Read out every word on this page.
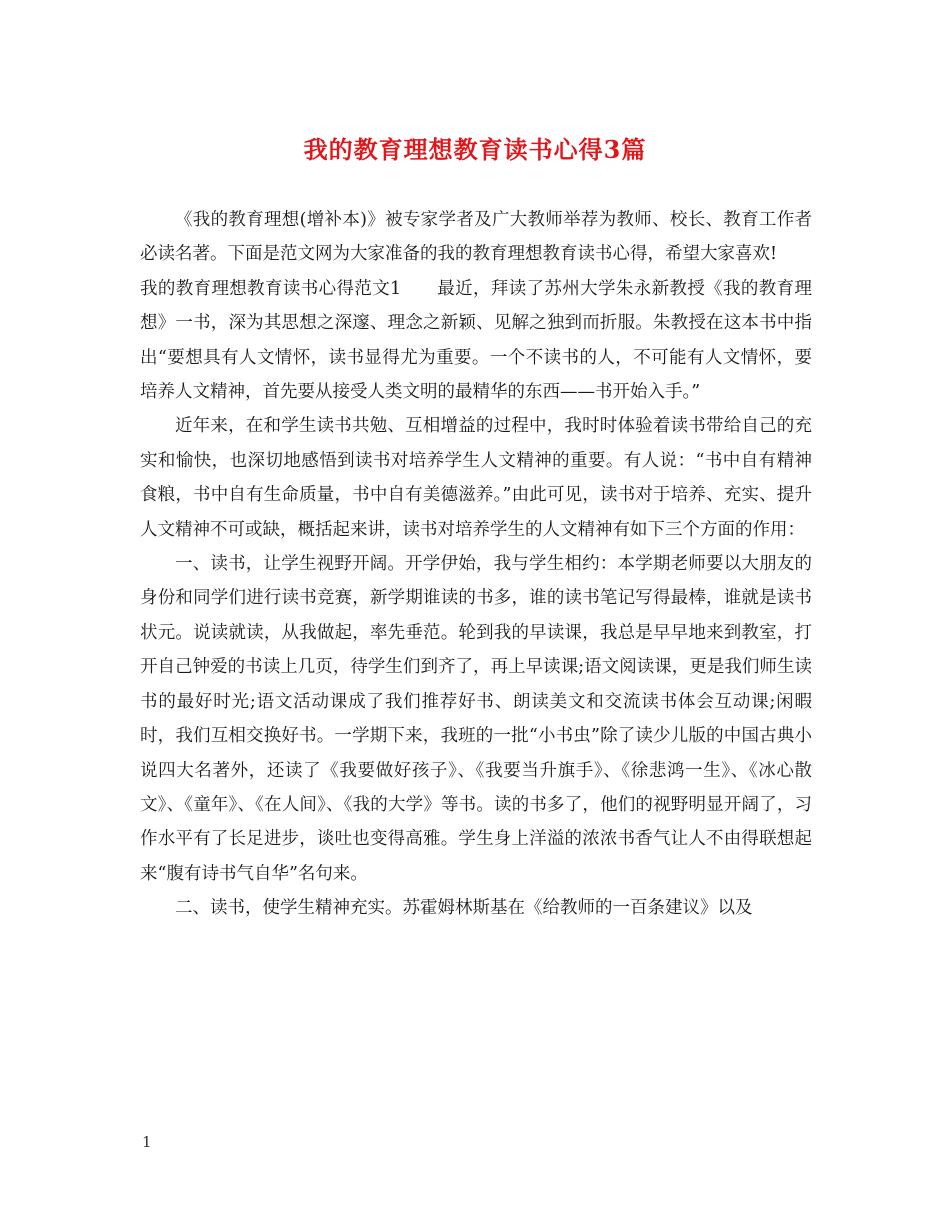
我的教育理想教育读书心得3篇

《我的教育理想(增补本)》被专家学者及广大教师举荐为教师、校长、教育工作者必读名著。下面是范文网为大家准备的我的教育理想教育读书心得，希望大家喜欢!

我的教育理想教育读书心得范文1　　最近，拜读了苏州大学朱永新教授《我的教育理想》一书，深为其思想之深邃、理念之新颖、见解之独到而折服。朱教授在这本书中指出“要想具有人文情怀，读书显得尤为重要。一个不读书的人，不可能有人文情怀，要培养人文精神，首先要从接受人类文明的最精华的东西——书开始入手。”

近年来，在和学生读书共勉、互相增益的过程中，我时时体验着读书带给自己的充实和愉快，也深切地感悟到读书对培养学生人文精神的重要。有人说：“书中自有精神食粮，书中自有生命质量，书中自有美德滋养。”由此可见，读书对于培养、充实、提升人文精神不可或缺，概括起来讲，读书对培养学生的人文精神有如下三个方面的作用：

一、读书，让学生视野开阔。开学伊始，我与学生相约：本学期老师要以大朋友的身份和同学们进行读书竞赛，新学期谁读的书多，谁的读书笔记写得最棒，谁就是读书状元。说读就读，从我做起，率先垂范。轮到我的早读课，我总是早早地来到教室，打开自己钟爱的书读上几页，待学生们到齐了，再上早读课;语文阅读课，更是我们师生读书的最好时光;语文活动课成了我们推荐好书、朗读美文和交流读书体会互动课;闲暇时，我们互相交换好书。一学期下来，我班的一批“小书虫”除了读少儿版的中国古典小说四大名著外，还读了《我要做好孩子》、《我要当升旗手》、《徐悲鸿一生》、《冰心散文》、《童年》、《在人间》、《我的大学》等书。读的书多了，他们的视野明显开阔了，习作水平有了长足进步，谈吐也变得高雅。学生身上洋溢的浓浓书香气让人不由得联想起来“腹有诗书气自华”名句来。

二、读书，使学生精神充实。苏霍姆林斯基在《给教师的一百条建议》以及

1
